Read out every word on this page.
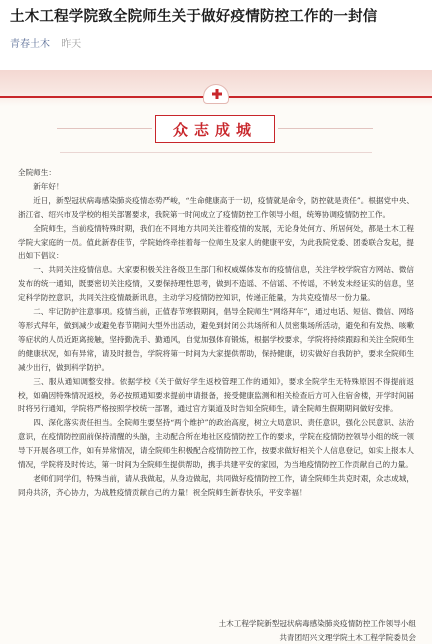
土木工程学院致全院师生关于做好疫情防控工作的一封信
青春土木 昨天
众志成城

全院师生：

新年好！

近日，新型冠状病毒感染肺炎疫情态势严峻，“生命健康高于一切，疫情就是命令，防控就是责任”。根据党中央、浙江省、绍兴市及学校的相关部署要求，我院第一时间成立了疫情防控工作领导小组，统筹协调疫情防控工作。

全院师生，当前疫情特殊时期，我们在不同地方共同关注着疫情的发展，无论身处何方、所居何处，都是土木工程学院大家庭的一员。值此新春佳节，学院始终牵挂着每一位师生及家人的健康平安，为此我院党委、团委联合发起，提出如下倡议：

一、共同关注疫情信息。大家要积极关注各级卫生部门和权威媒体发布的疫情信息，关注学校学院官方网站、微信发布的统一通知，既要密切关注疫情，又要保持理性思考，做到不造谣、不信谣、不传谣，不转发未经证实的信息，坚定科学防控意识，共同关注疫情最新讯息，主动学习疫情防控知识，传递正能量，为共克疫情尽一份力量。

二、牢记防护注意事项。疫情当前，正值春节寒假期间，倡导全院师生“网络拜年”，通过电话、短信、微信、网络等形式拜年，做到减少或避免春节期间大型外出活动，避免到封闭公共场所和人员密集场所活动，避免和有发热、咳嗽等症状的人员近距离接触，坚持勤洗手、勤通风，自觉加强体育锻炼，根据学校要求，学院将持续跟踪和关注全院师生的健康状况，如有异常，请及时报告，学院将第一时间为大家提供帮助，保持健康，切实做好自我防护，要求全院师生减少出行，做到科学防护。

三、服从通知调整安排。依据学校《关于做好学生返校管理工作的通知》，要求全院学生无特殊原因不得提前返校，如确因特殊情况返校，务必按照通知要求提前申请报备，接受健康监测和相关检查后方可入住宿舍楼，开学时间届时将另行通知，学院将严格按照学校统一部署，通过官方渠道及时告知全院师生，请全院师生假期期间做好安排。

四、深化落实责任担当。全院师生要坚持“两个维护”的政治高度，树立大局意识、责任意识，强化公民意识、法治意识，在疫情防控面前保持清醒的头脑，主动配合所在地社区疫情防控工作的要求，学院在疫情防控领导小组的统一领导下开展各项工作，如有异常情况，请全院师生积极配合疫情防控工作，按要求做好相关个人信息登记，如实上报本人情况，学院将及时传达，第一时间为全院师生提供帮助，携手共建平安的家园，为当地疫情防控工作贡献自己的力量。

老师们同学们，特殊当前，请从我做起，从身边做起，共同做好疫情防控工作，请全院师生共克时艰，众志成城，同舟共济，齐心协力，为战胜疫情贡献自己的力量！祝全院师生新春快乐，平安幸福！

土木工程学院新型冠状病毒感染肺炎疫情防控工作领导小组
共青团绍兴文理学院土木工程学院委员会
